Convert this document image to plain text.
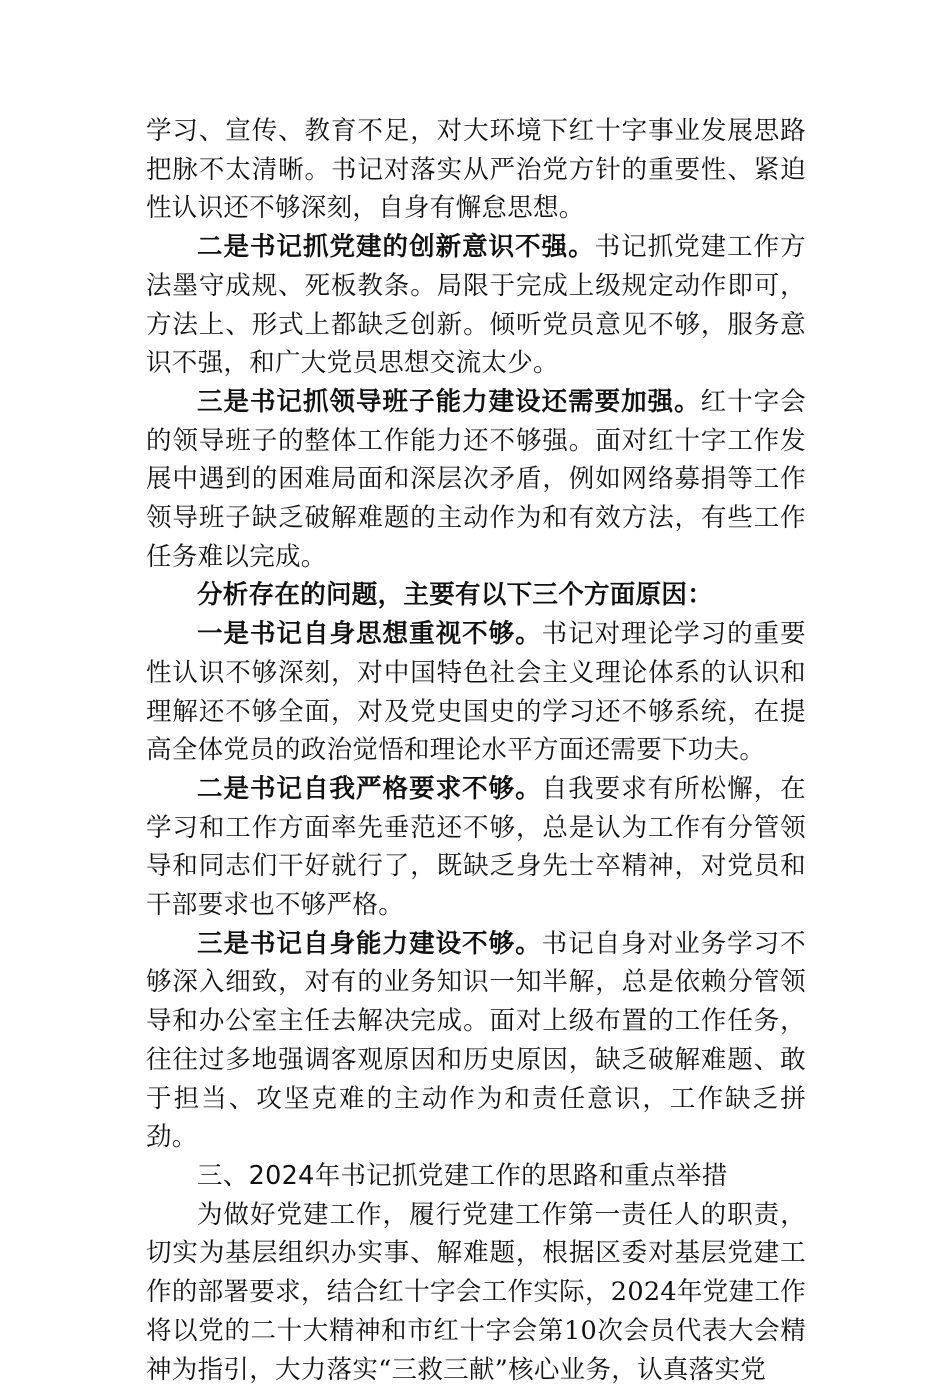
学习、宣传、教育不足，对大环境下红十字事业发展思路把脉不太清晰。书记对落实从严治党方针的重要性、紧迫性认识还不够深刻，自身有懈怠思想。

二是书记抓党建的创新意识不强。书记抓党建工作方法墨守成规、死板教条。局限于完成上级规定动作即可，方法上、形式上都缺乏创新。倾听党员意见不够，服务意识不强，和广大党员思想交流太少。

三是书记抓领导班子能力建设还需要加强。红十字会的领导班子的整体工作能力还不够强。面对红十字工作发展中遇到的困难局面和深层次矛盾，例如网络募捐等工作领导班子缺乏破解难题的主动作为和有效方法，有些工作任务难以完成。

分析存在的问题，主要有以下三个方面原因：

一是书记自身思想重视不够。书记对理论学习的重要性认识不够深刻，对中国特色社会主义理论体系的认识和理解还不够全面，对及党史国史的学习还不够系统，在提高全体党员的政治觉悟和理论水平方面还需要下功夫。

二是书记自我严格要求不够。自我要求有所松懈，在学习和工作方面率先垂范还不够，总是认为工作有分管领导和同志们干好就行了，既缺乏身先士卒精神，对党员和干部要求也不够严格。

三是书记自身能力建设不够。书记自身对业务学习不够深入细致，对有的业务知识一知半解，总是依赖分管领导和办公室主任去解决完成。面对上级布置的工作任务，往往过多地强调客观原因和历史原因，缺乏破解难题、敢于担当、攻坚克难的主动作为和责任意识，工作缺乏拼劲。

三、2024年书记抓党建工作的思路和重点举措

为做好党建工作，履行党建工作第一责任人的职责，切实为基层组织办实事、解难题，根据区委对基层党建工作的部署要求，结合红十字会工作实际，2024年党建工作将以党的二十大精神和市红十字会第10次会员代表大会精神为指引，大力落实“三救三献”核心业务，认真落实党
